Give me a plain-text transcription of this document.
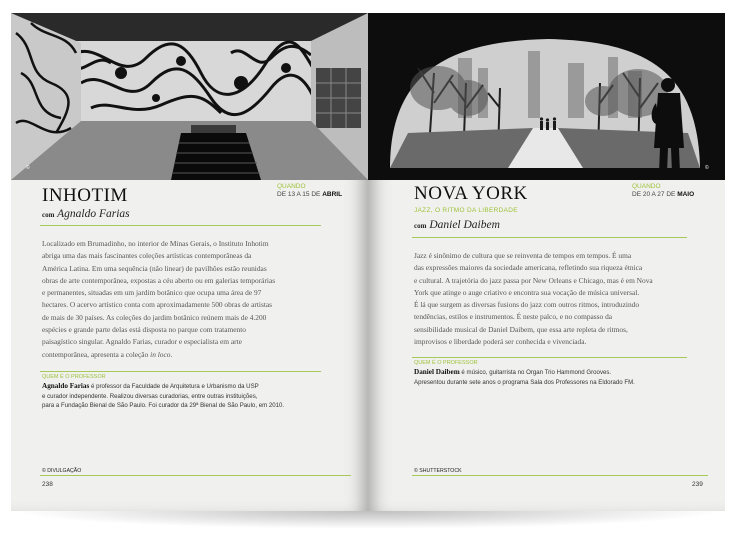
©
INHOTIM
com Agnaldo Farias
QUANDO
DE 13 A 15 DE ABRIL
Localizado em Brumadinho, no interior de Minas Gerais, o Instituto Inhotim
abriga uma das mais fascinantes coleções artísticas contemporâneas da
América Latina. Em uma sequência (não linear) de pavilhões estão reunidas
obras de arte contemporânea, expostas a céu aberto ou em galerias temporárias
e permanentes, situadas em um jardim botânico que ocupa uma área de 97
hectares. O acervo artístico conta com aproximadamente 500 obras de artistas
de mais de 30 países. As coleções do jardim botânico reúnem mais de 4.200
espécies e grande parte delas está disposta no parque com tratamento
paisagístico singular. Agnaldo Farias, curador e especialista em arte
contemporânea, apresenta a coleção in loco.
QUEM É O PROFESSOR
Agnaldo Farias é professor da Faculdade de Arquitetura e Urbanismo da USP
e curador independente. Realizou diversas curadorias, entre outras instituições,
para a Fundação Bienal de São Paulo. Foi curador da 29ª Bienal de São Paulo, em 2010.
© DIVULGAÇÃO
238
©
NOVA YORK
JAZZ, O RITMO DA LIBERDADE
com Daniel Daibem
QUANDO
DE 20 A 27 DE MAIO
Jazz é sinônimo de cultura que se reinventa de tempos em tempos. É uma
das expressões maiores da sociedade americana, refletindo sua riqueza étnica
e cultural. A trajetória do jazz passa por New Orleans e Chicago, mas é em Nova
York que atinge o auge criativo e encontra sua vocação de música universal.
É lá que surgem as diversas fusions do jazz com outros ritmos, introduzindo
tendências, estilos e instrumentos. É neste palco, e no compasso da
sensibilidade musical de Daniel Daibem, que essa arte repleta de ritmos,
improvisos e liberdade poderá ser conhecida e vivenciada.
QUEM É O PROFESSOR
Daniel Daibem é músico, guitarrista no Organ Trio Hammond Grooves.
Apresentou durante sete anos o programa Sala dos Professores na Eldorado FM.
© SHUTTERSTOCK
239
